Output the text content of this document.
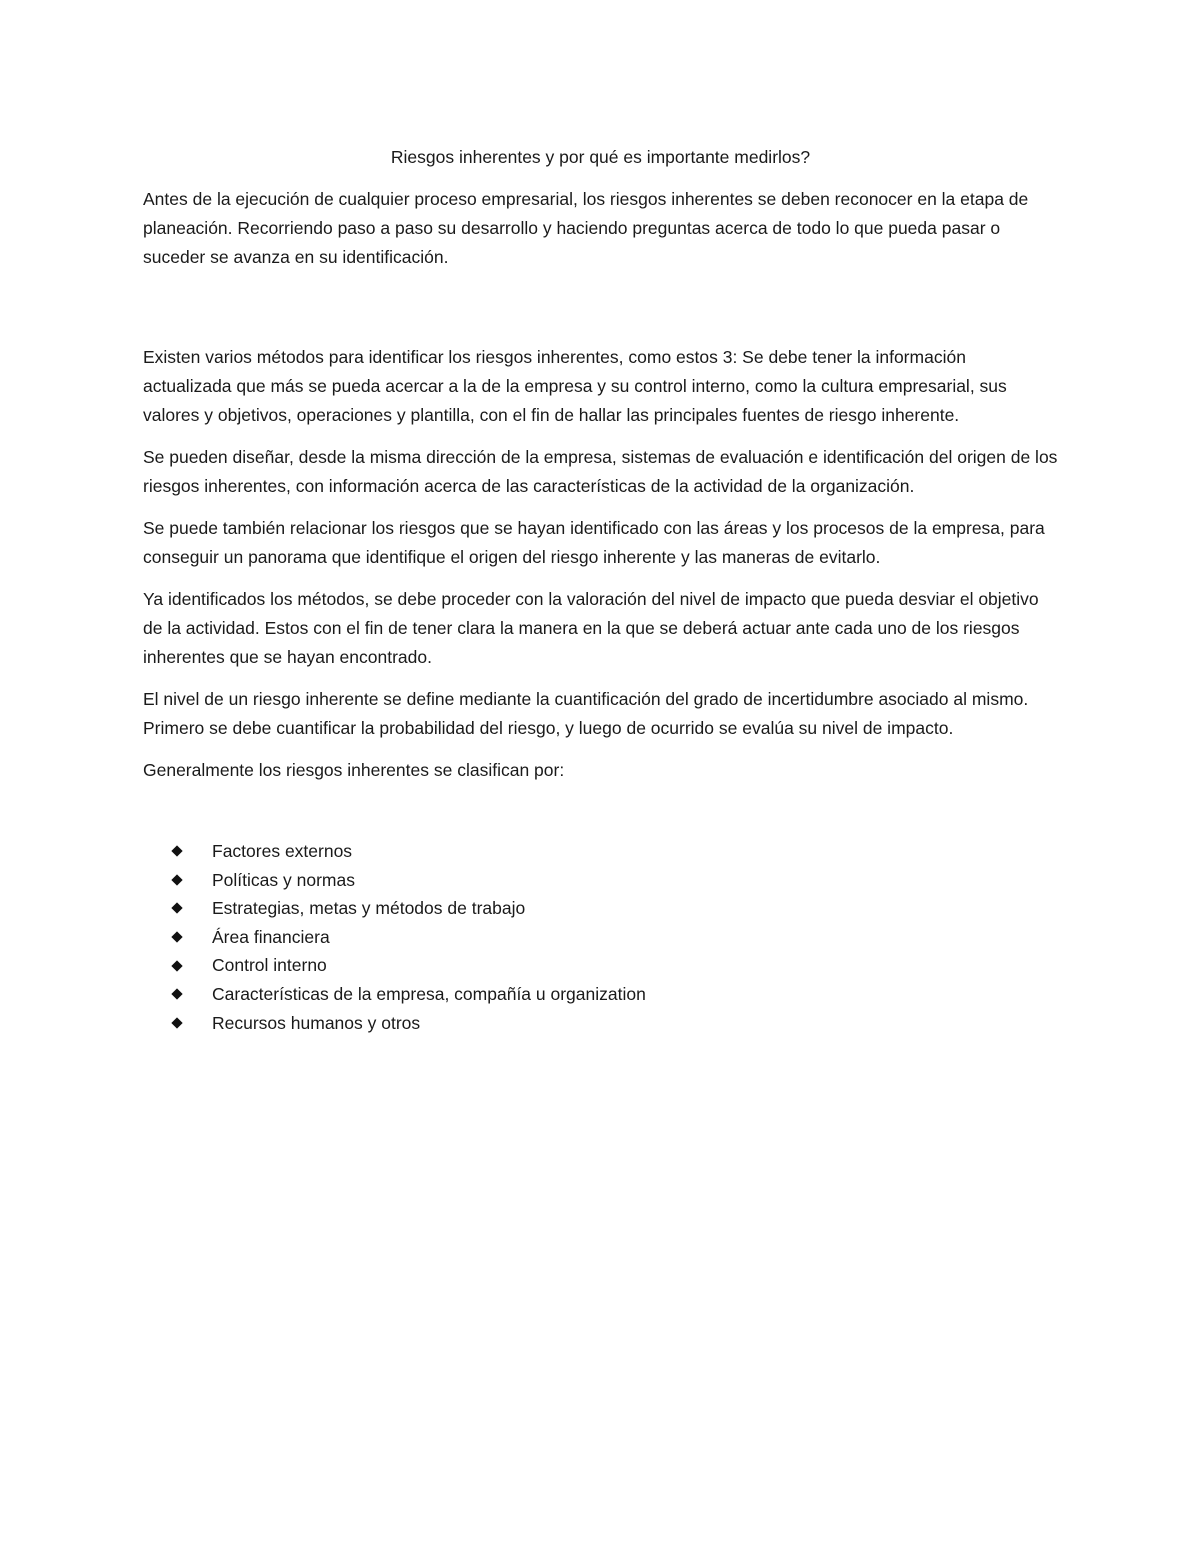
Riesgos inherentes y por qué es importante medirlos?

Antes de la ejecución de cualquier proceso empresarial, los riesgos inherentes se deben reconocer en la etapa de planeación. Recorriendo paso a paso su desarrollo y haciendo preguntas acerca de todo lo que pueda pasar o suceder se avanza en su identificación.

Existen varios métodos para identificar los riesgos inherentes, como estos 3: Se debe tener la información actualizada que más se pueda acercar a la de la empresa y su control interno, como la cultura empresarial, sus valores y objetivos, operaciones y plantilla, con el fin de hallar las principales fuentes de riesgo inherente.

Se pueden diseñar, desde la misma dirección de la empresa, sistemas de evaluación e identificación del origen de los riesgos inherentes, con información acerca de las características de la actividad de la organización.

Se puede también relacionar los riesgos que se hayan identificado con las áreas y los procesos de la empresa, para conseguir un panorama que identifique el origen del riesgo inherente y las maneras de evitarlo.

Ya identificados los métodos, se debe proceder con la valoración del nivel de impacto que pueda desviar el objetivo de la actividad. Estos con el fin de tener clara la manera en la que se deberá actuar ante cada uno de los riesgos inherentes que se hayan encontrado.

El nivel de un riesgo inherente se define mediante la cuantificación del grado de incertidumbre asociado al mismo. Primero se debe cuantificar la probabilidad del riesgo, y luego de ocurrido se evalúa su nivel de impacto.

Generalmente los riesgos inherentes se clasifican por:

Factores externos
Políticas y normas
Estrategias, metas y métodos de trabajo
Área financiera
Control interno
Características de la empresa, compañía u organization
Recursos humanos y otros
